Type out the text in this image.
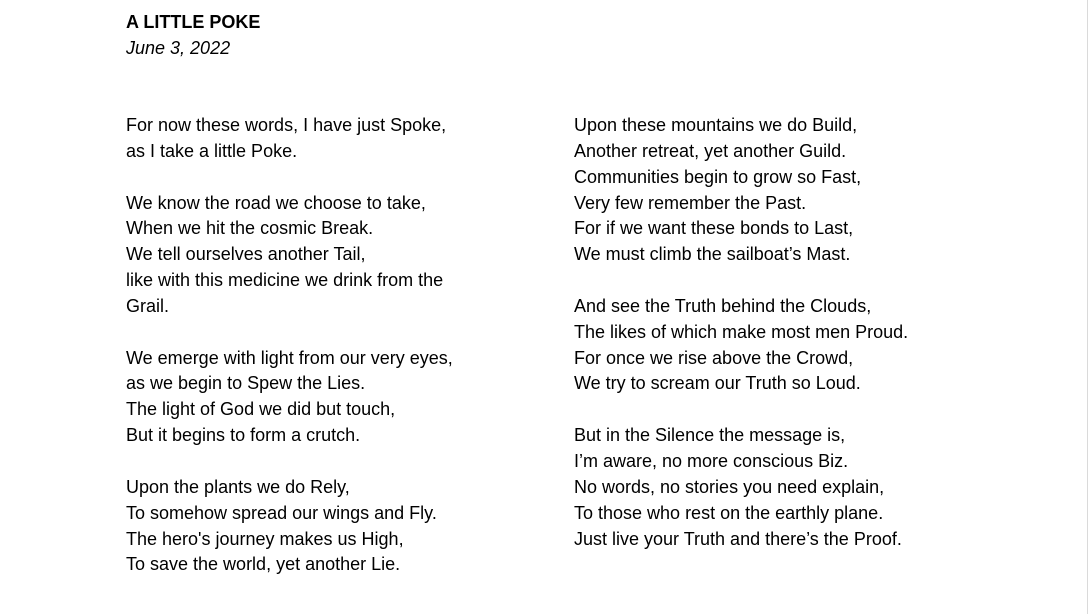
A LITTLE POKE

June 3, 2022

For now these words, I have just Spoke,
as I take a little Poke.
We know the road we choose to take,
When we hit the cosmic Break.
We tell ourselves another Tail,
like with this medicine we drink from the
Grail.
We emerge with light from our very eyes,
as we begin to Spew the Lies.
The light of God we did but touch,
But it begins to form a crutch.
Upon the plants we do Rely,
To somehow spread our wings and Fly.
The hero's journey makes us High,
To save the world, yet another Lie.
Upon these mountains we do Build,
Another retreat, yet another Guild.
Communities begin to grow so Fast,
Very few remember the Past.
For if we want these bonds to Last,
We must climb the sailboat’s Mast.
And see the Truth behind the Clouds,
The likes of which make most men Proud.
For once we rise above the Crowd,
We try to scream our Truth so Loud.
But in the Silence the message is,
I’m aware, no more conscious Biz.
No words, no stories you need explain,
To those who rest on the earthly plane.
Just live your Truth and there’s the Proof.
